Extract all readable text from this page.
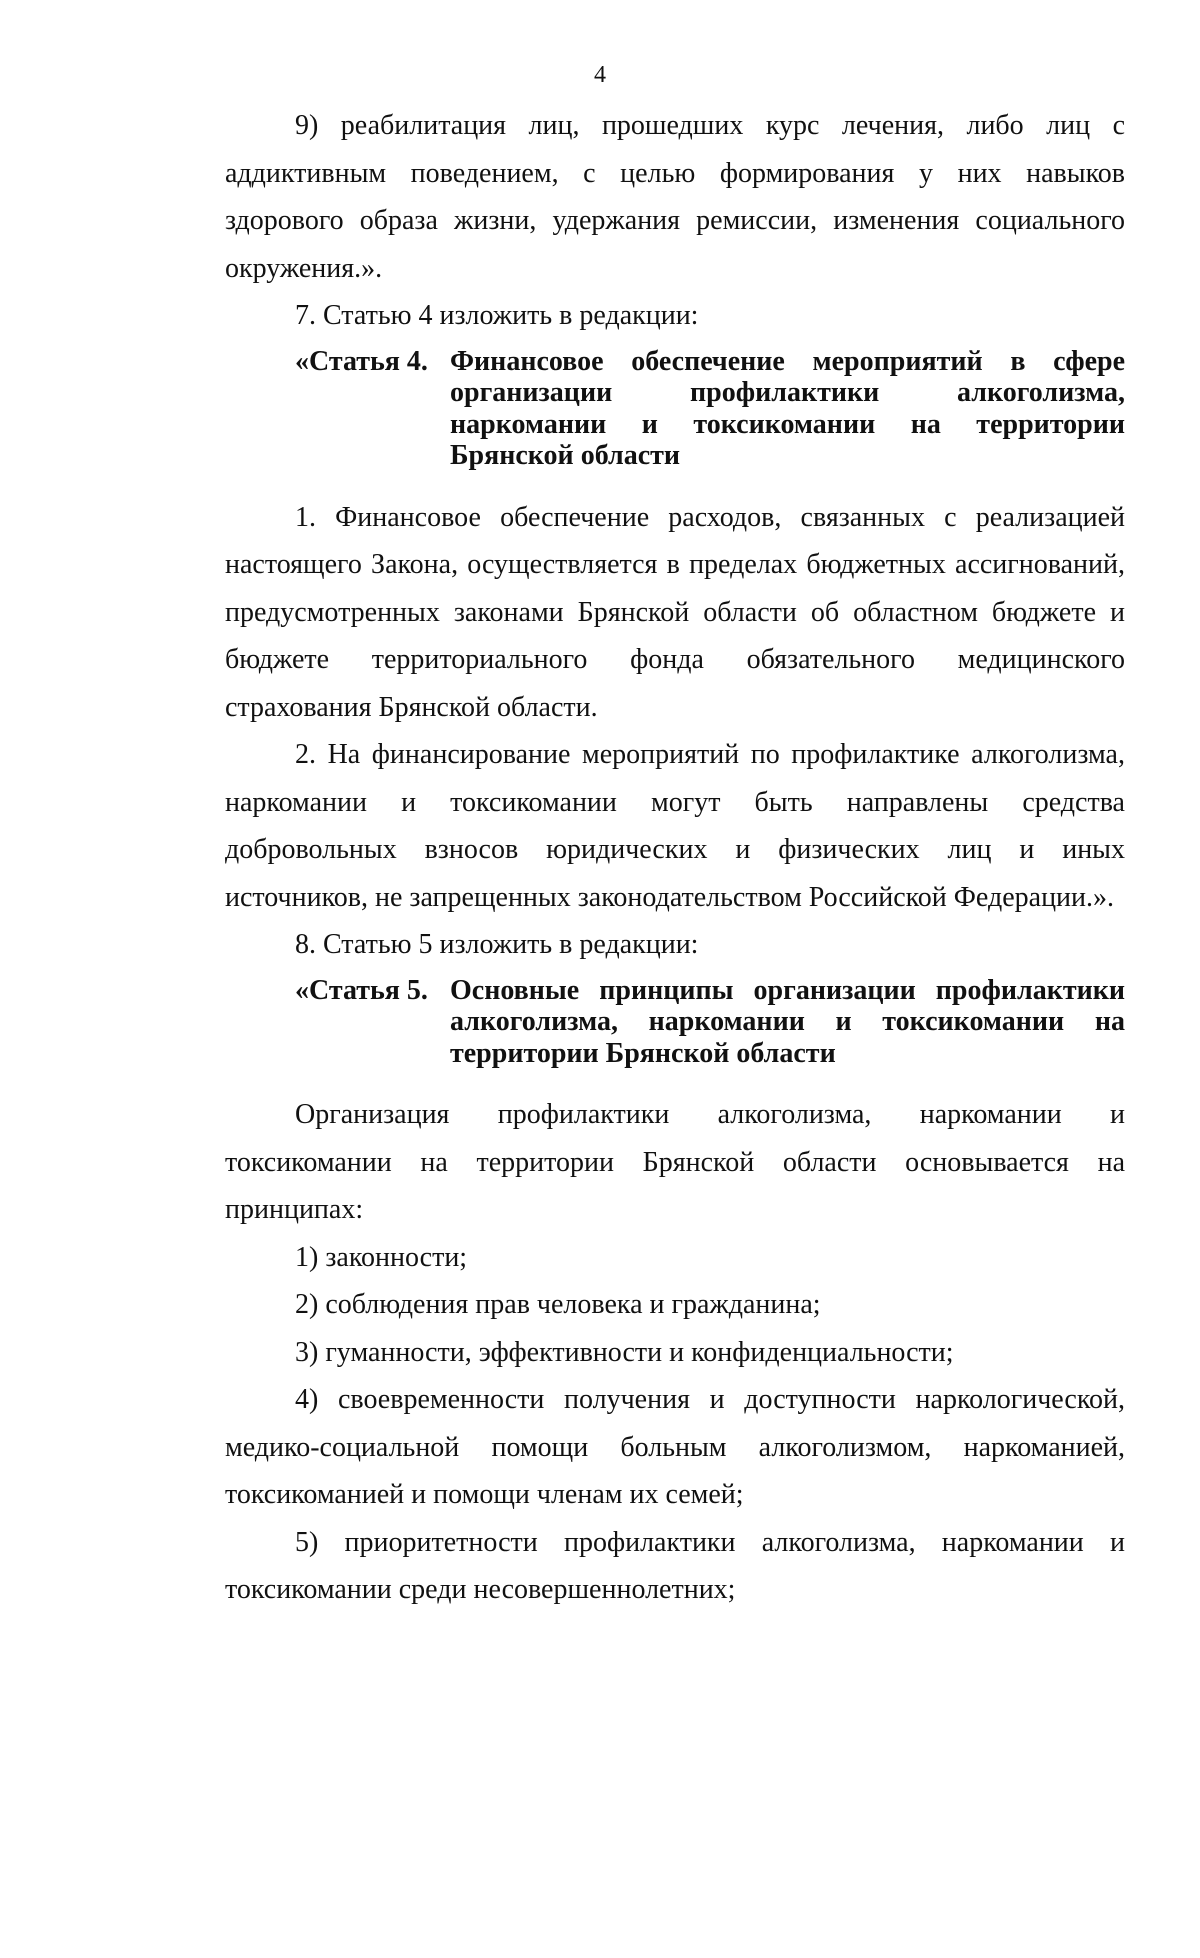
4

9) реабилитация лиц, прошедших курс лечения, либо лиц с аддиктивным поведением, с целью формирования у них навыков здорового образа жизни, удержания ремиссии, изменения социального окружения.».

7. Статью 4 изложить в редакции:

«Статья 4. Финансовое обеспечение мероприятий в сфере организации профилактики алкоголизма, наркомании и токсикомании на территории Брянской области

1. Финансовое обеспечение расходов, связанных с реализацией настоящего Закона, осуществляется в пределах бюджетных ассигнований, предусмотренных законами Брянской области об областном бюджете и бюджете территориального фонда обязательного медицинского страхования Брянской области.

2. На финансирование мероприятий по профилактике алкоголизма, наркомании и токсикомании могут быть направлены средства добровольных взносов юридических и физических лиц и иных источников, не запрещенных законодательством Российской Федерации.».

8. Статью 5 изложить в редакции:

«Статья 5. Основные принципы организации профилактики алкоголизма, наркомании и токсикомании на территории Брянской области

Организация профилактики алкоголизма, наркомании и токсикомании на территории Брянской области основывается на принципах:

1) законности;

2) соблюдения прав человека и гражданина;

3) гуманности, эффективности и конфиденциальности;

4) своевременности получения и доступности наркологической, медико-социальной помощи больным алкоголизмом, наркоманией, токсикоманией и помощи членам их семей;

5) приоритетности профилактики алкоголизма, наркомании и токсикомании среди несовершеннолетних;
